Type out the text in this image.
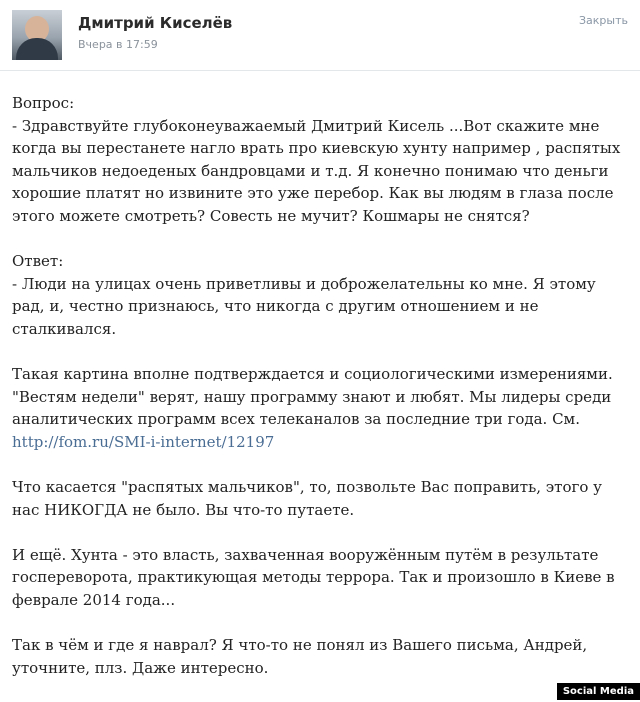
Дмитрий Киселёв
Вчера в 17:59
Закрыть

Вопрос:
- Здравствуйте глубоконеуважаемый Дмитрий Кисель ...Вот скажите мне когда вы перестанете нагло врать про киевскую хунту например , распятых мальчиков недоеденых бандровцами и т.д. Я конечно понимаю что деньги хорошие платят но извините это уже перебор. Как вы людям в глаза после этого можете смотреть? Совесть не мучит? Кошмары не снятся?

Ответ:
- Люди на улицах очень приветливы и доброжелательны ко мне. Я этому рад, и, честно признаюсь, что никогда с другим отношением и не сталкивался.

Такая картина вполне подтверждается и социологическими измерениями. "Вестям недели" верят, нашу программу знают и любят. Мы лидеры среди аналитических программ всех телеканалов за последние три года. См.
http://fom.ru/SMI-i-internet/12197

Что касается "распятых мальчиков", то, позвольте Вас поправить, этого у нас НИКОГДА не было. Вы что-то путаете.

И ещё. Хунта - это власть, захваченная вооружённым путём в результате госпереворота, практикующая методы террора. Так и произошло в Киеве в феврале 2014 года...

Так в чём и где я наврал? Я что-то не понял из Вашего письма, Андрей, уточните, плз. Даже интересно.

Social Media
